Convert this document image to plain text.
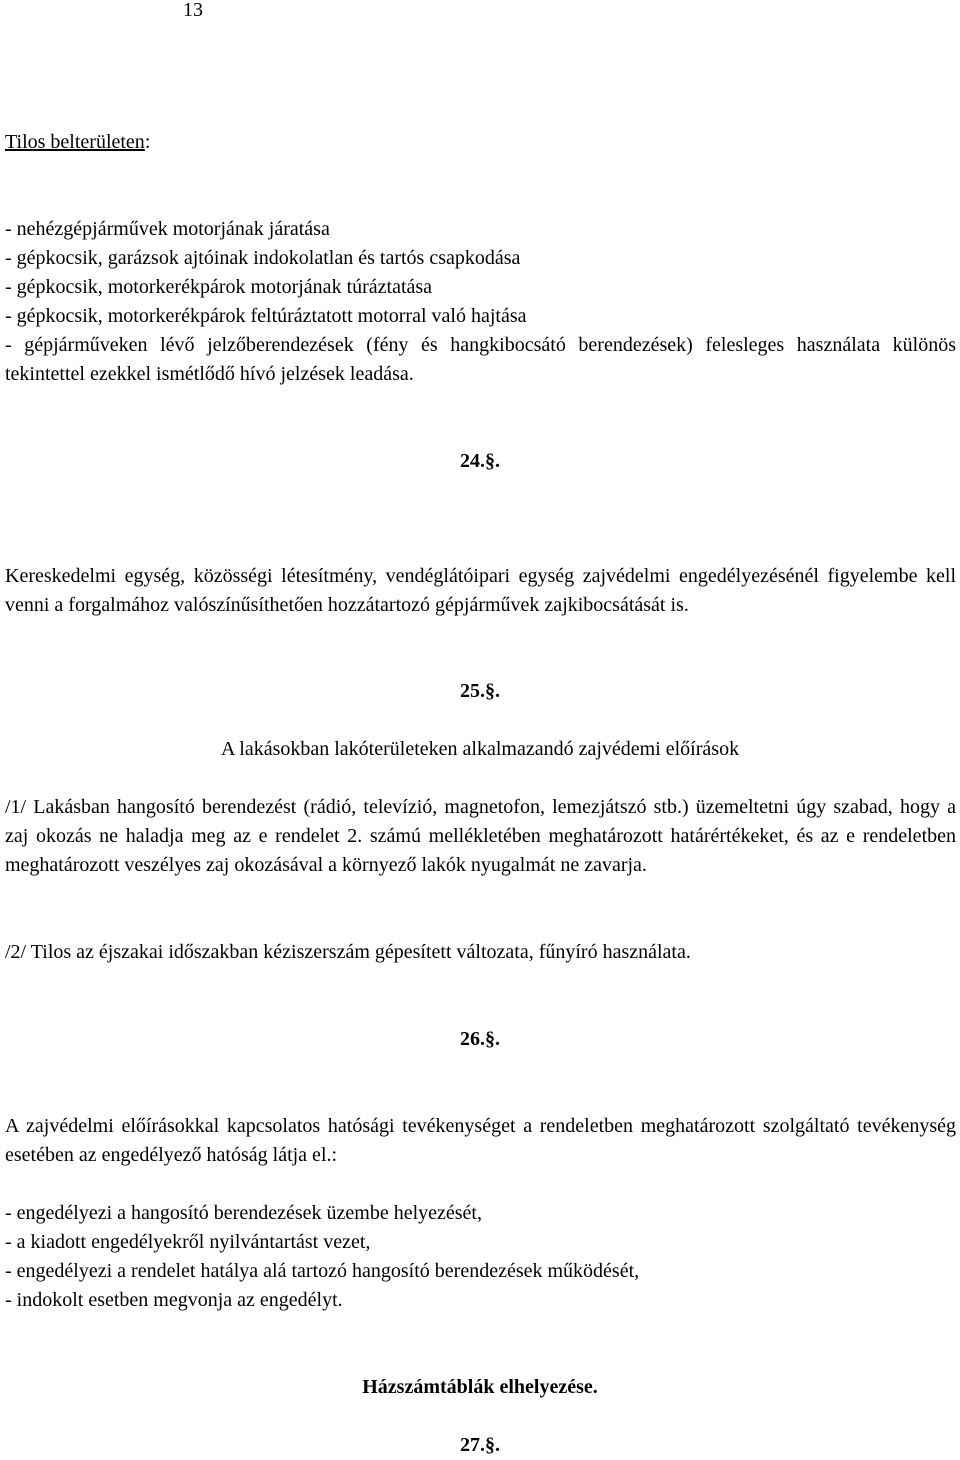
13

Tilos belterületen:

- nehézgépjárművek motorjának járatása
- gépkocsik, garázsok ajtóinak indokolatlan és tartós csapkodása
- gépkocsik, motorkerékpárok motorjának túráztatása
- gépkocsik, motorkerékpárok feltúráztatott motorral való hajtása
- gépjárműveken lévő jelzőberendezések (fény és hangkibocsátó berendezések) felesleges használata különös tekintettel ezekkel ismétlődő hívó jelzések leadása.
24.§.
Kereskedelmi egység, közösségi létesítmény, vendéglátóipari egység zajvédelmi engedélyezésénél figyelembe kell venni a forgalmához valószínűsíthetően hozzátartozó gépjárművek zajkibocsátását is.
25.§.
A lakásokban lakóterületeken alkalmazandó zajvédemi előírások
/1/ Lakásban hangosító berendezést (rádió, televízió, magnetofon, lemezjátszó stb.) üzemeltetni úgy szabad, hogy a zaj okozás ne haladja meg az e rendelet 2. számú mellékletében meghatározott határértékeket, és az e rendeletben meghatározott veszélyes zaj okozásával a környező lakók nyugalmát ne zavarja.
/2/ Tilos az éjszakai időszakban kéziszerszám gépesített változata, fűnyíró használata.
26.§.
A zajvédelmi előírásokkal kapcsolatos hatósági tevékenységet a rendeletben meghatározott szolgáltató tevékenység esetében az engedélyező hatóság látja el.:
- engedélyezi a hangosító berendezések üzembe helyezését,
- a kiadott engedélyekről nyilvántartást vezet,
- engedélyezi a rendelet hatálya alá tartozó hangosító berendezések működését,
- indokolt esetben megvonja az engedélyt.
Házszámtáblák elhelyezése.
27.§.
